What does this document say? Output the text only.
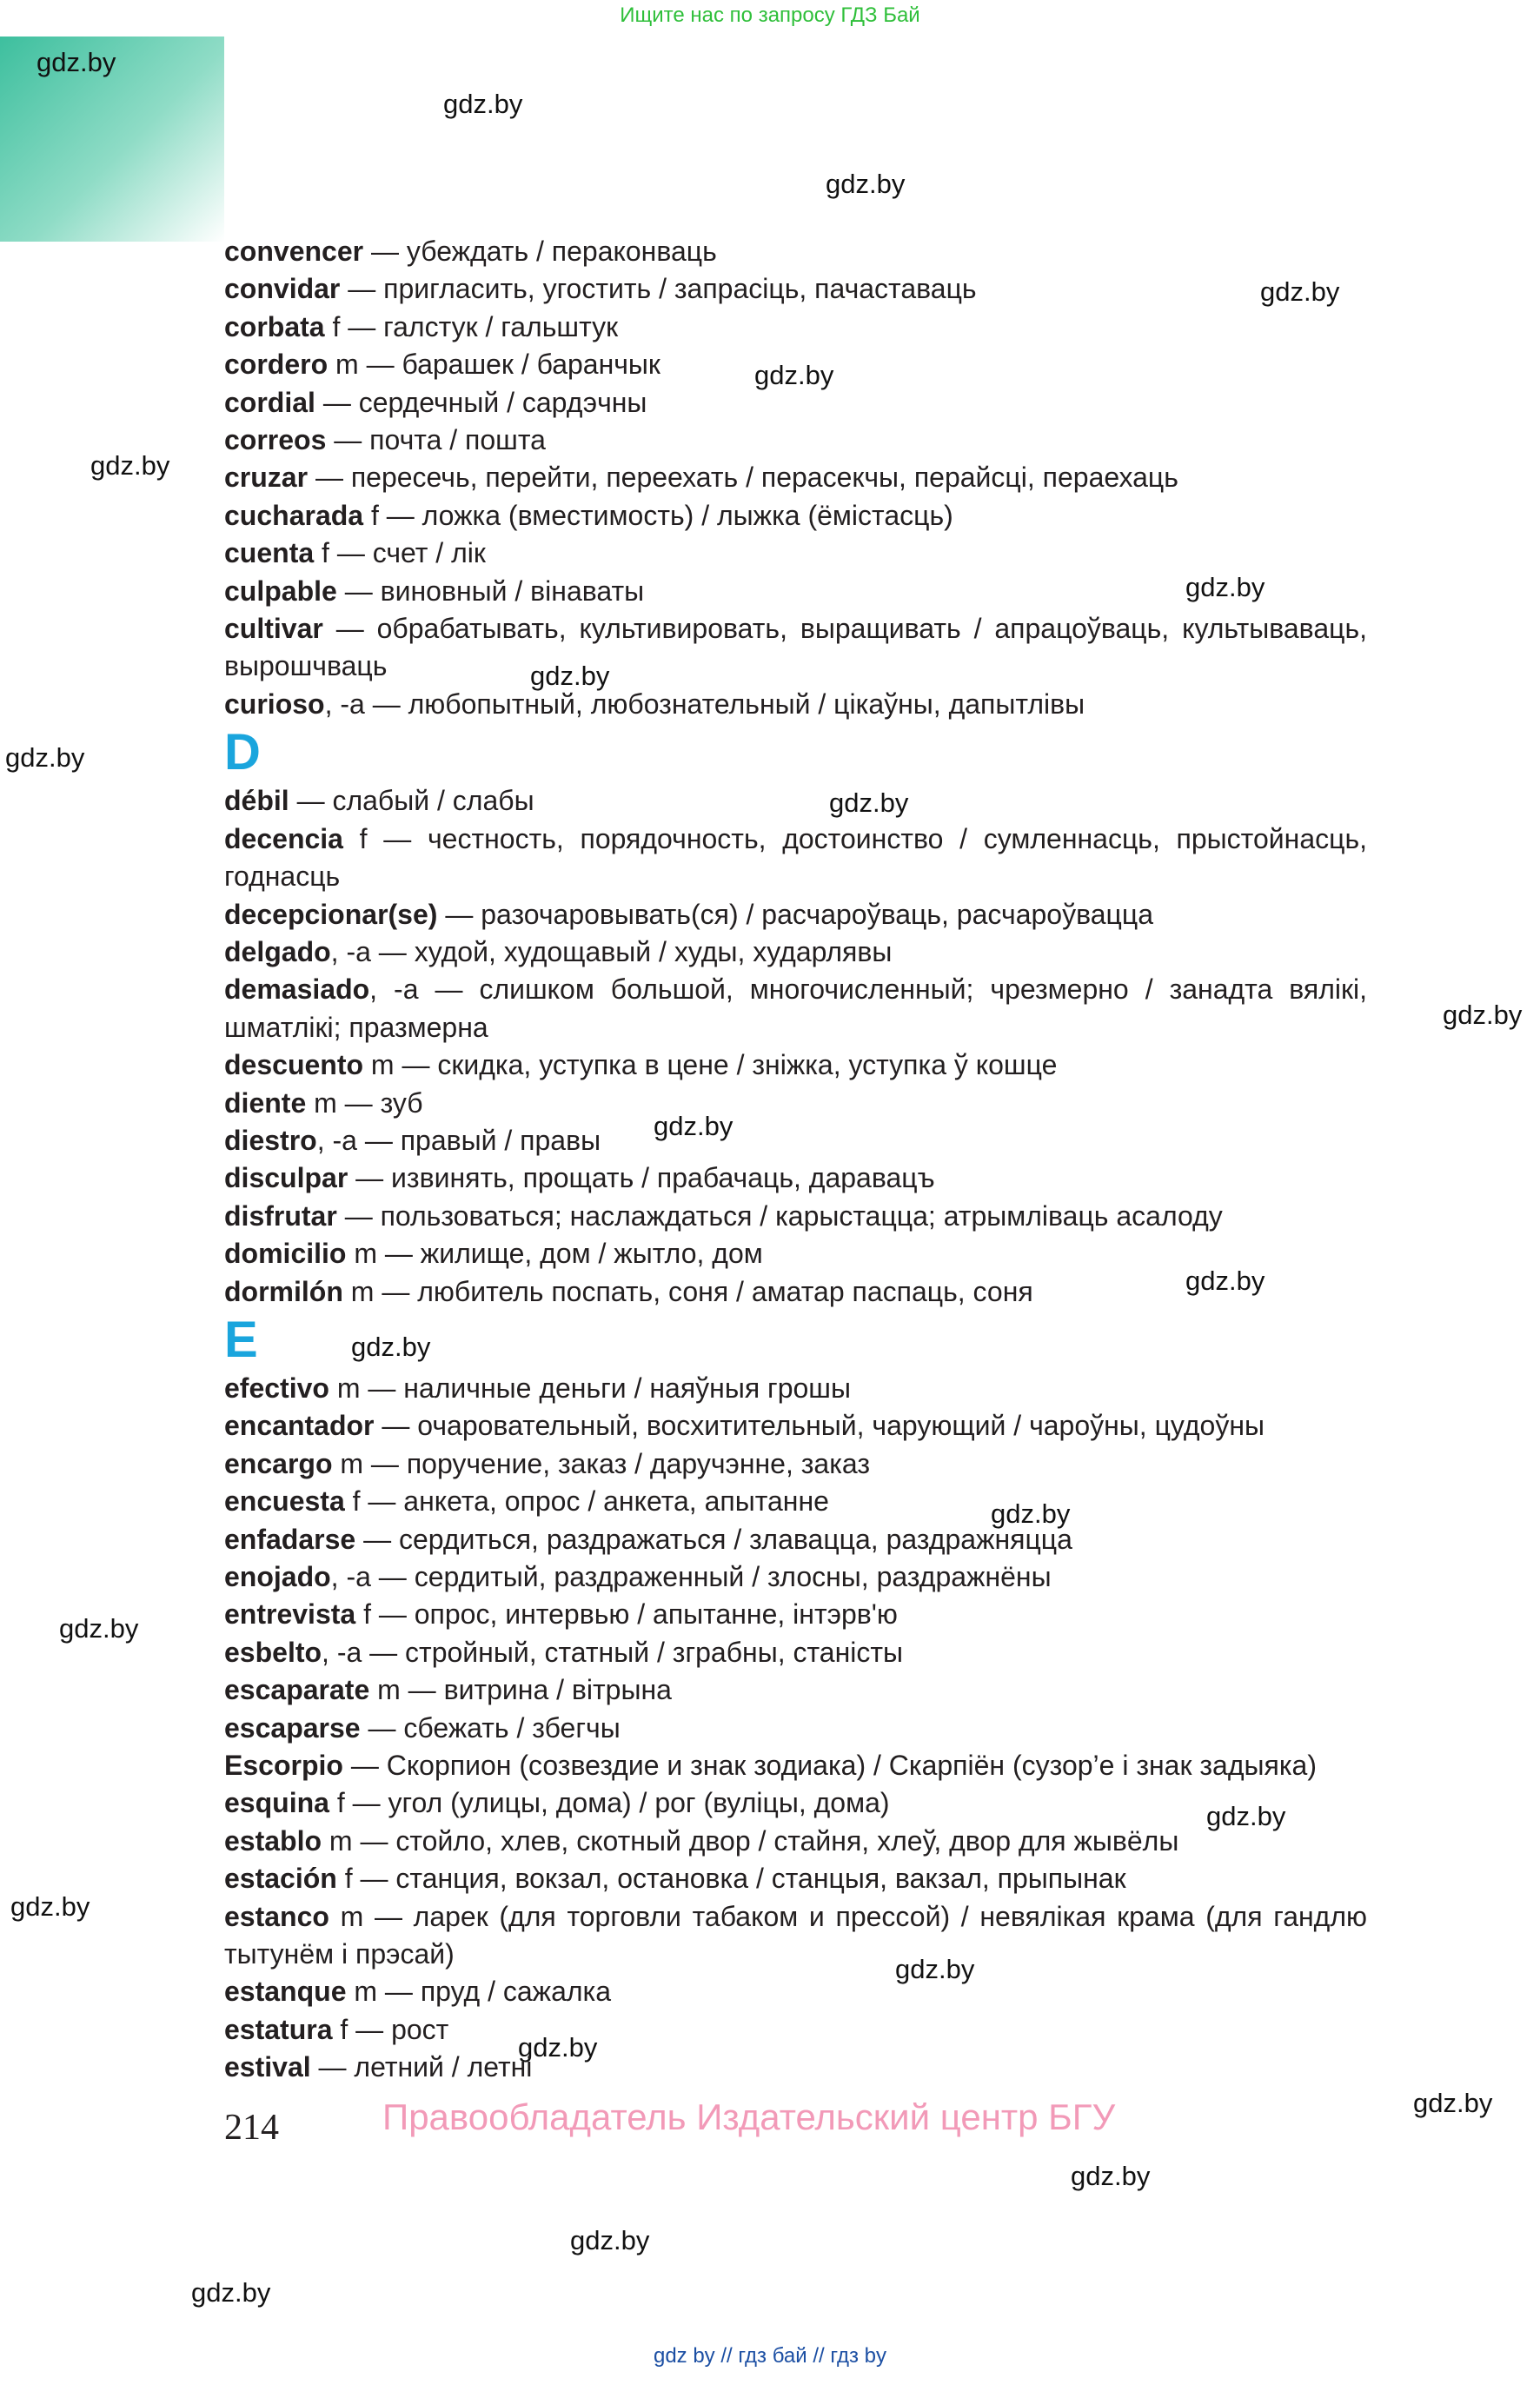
Ищите нас по запросу ГДЗ Бай
gdz.by
gdz.by
gdz.by
gdz.by
gdz.by
gdz.by
gdz.by
gdz.by
gdz.by
gdz.by
gdz.by
gdz.by
gdz.by
gdz.by
gdz.by
gdz.by
gdz.by
gdz.by
gdz.by
gdz.by
gdz.by
gdz.by
gdz.by
gdz.by
convencer — убеждать / пераконваць
convidar — пригласить, угостить / запрасіць, пачаставаць
corbata f — галстук / гальштук
cordero m — барашек / баранчык
cordial — сердечный / сардэчны
correos — почта / пошта
cruzar — пересечь, перейти, переехать / перасекчы, перайсці, пераехаць
cucharada f — ложка (вместимость) / лыжка (ёмістасць)
cuenta f — счет / лік
culpable — виновный / вінаваты
cultivar — обрабатывать, культивировать, выращивать / апрацоўваць, культываваць, вырошчваць
curioso, -a — любопытный, любознательный / цікаўны, дапытлівы
D
débil — слабый / слабы
decencia f — честность, порядочность, достоинство / сумленнасць, прыстойнасць, годнасць
decepcionar(se) — разочаровывать(ся) / расчароўваць, расчароўвацца
delgado, -a — худой, худощавый / худы, хударлявы
demasiado, -a — слишком большой, многочисленный; чрезмерно / занадта вялікі, шматлікі; празмерна
descuento m — скидка, уступка в цене / зніжка, уступка ў кошце
diente m — зуб
diestro, -a — правый / правы
disculpar — извинять, прощать / прабачаць, даравацъ
disfrutar — пользоваться; наслаждаться / карыстацца; атрымліваць асалоду
domicilio m — жилище, дом / жытло, дом
dormilón m — любитель поспать, соня / аматар паспаць, соня
E
efectivo m — наличные деньги / наяўныя грошы
encantador — очаровательный, восхитительный, чарующий / чароўны, цудоўны
encargo m — поручение, заказ / даручэнне, заказ
encuesta f — анкета, опрос / анкета, апытанне
enfadarse — сердиться, раздражаться / злавацца, раздражняцца
enojado, -a — сердитый, раздраженный / злосны, раздражнёны
entrevista f — опрос, интервью / апытанне, інтэрв'ю
esbelto, -a — стройный, статный / зграбны, станісты
escaparate m — витрина / вітрына
escaparse — сбежать / збегчы
Escorpio — Скорпион (созвездие и знак зодиака) / Скарпіён (сузор’е і знак задыяка)
esquina f — угол (улицы, дома) / рог (вуліцы, дома)
establo m — стойло, хлев, скотный двор / стайня, хлеў, двор для жывёлы
estación f — станция, вокзал, остановка / станцыя, вакзал, прыпынак
estanco m — ларек (для торговли табаком и прессой) / невялікая крама (для гандлю тытунём і прэсай)
estanque m — пруд / сажалка
estatura f — рост
estival — летний / летні
214	Правообладатель Издательский центр БГУ
gdz by // гдз бай // гдз by
